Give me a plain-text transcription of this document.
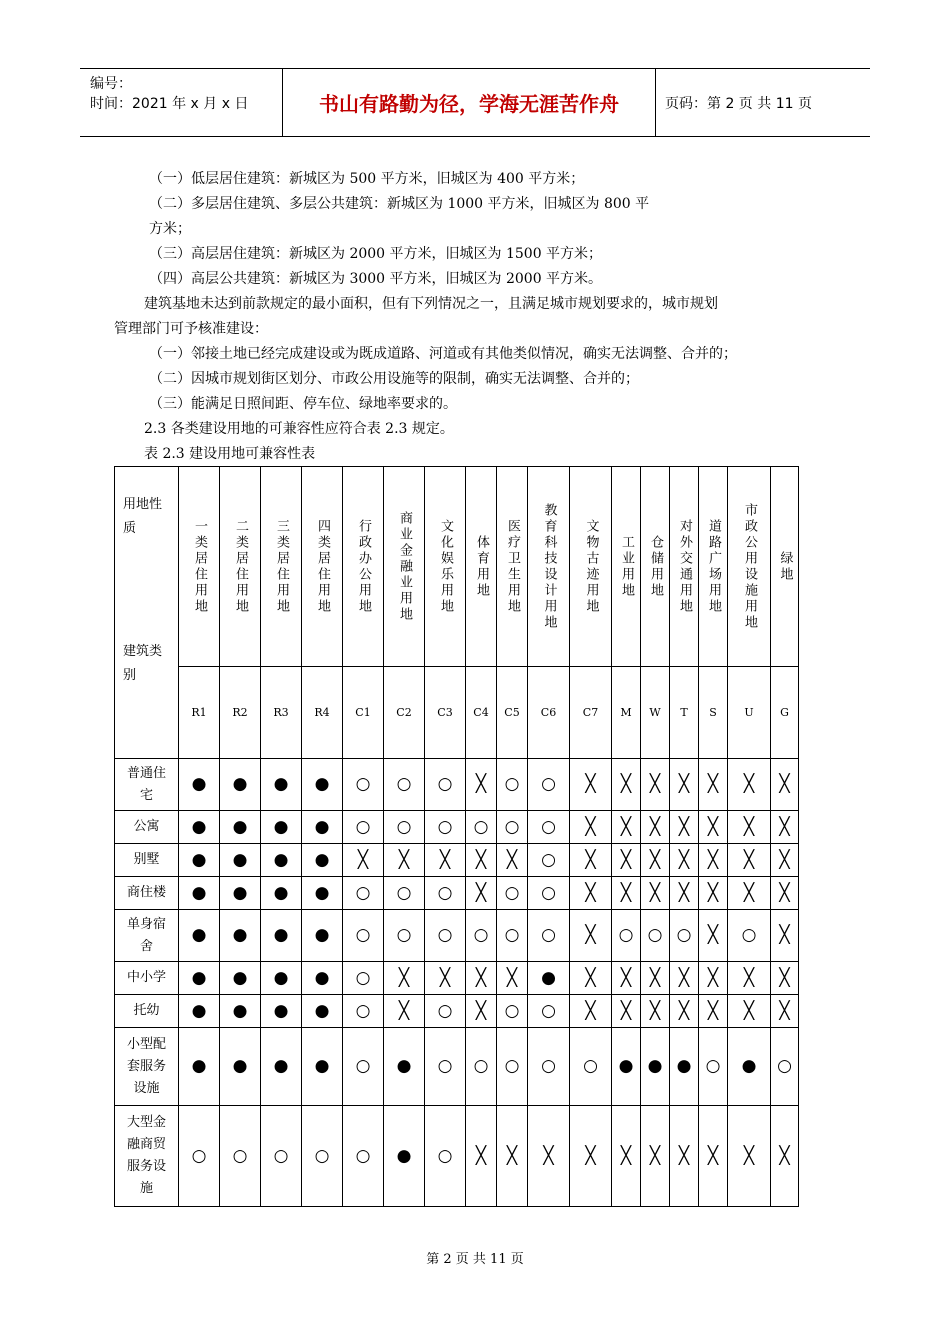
编号：
时间：2021 年 x 月 x 日	书山有路勤为径，学海无涯苦作舟	页码：第 2 页 共 11 页

（一）低层居住建筑：新城区为 500 平方米，旧城区为 400 平方米；

（二）多层居住建筑、多层公共建筑：新城区为 1000 平方米，旧城区为 800 平

方米；

（三）高层居住建筑：新城区为 2000 平方米，旧城区为 1500 平方米；

（四）高层公共建筑：新城区为 3000 平方米，旧城区为 2000 平方米。

建筑基地未达到前款规定的最小面积，但有下列情况之一，且满足城市规划要求的，城市规划

管理部门可予核准建设：

（一）邻接土地已经完成建设或为既成道路、河道或有其他类似情况，确实无法调整、合并的；

（二）因城市规划街区划分、市政公用设施等的限制，确实无法调整、合并的；

（三）能满足日照间距、停车位、绿地率要求的。

2.3 各类建设用地的可兼容性应符合表 2.3 规定。

表 2.3 建设用地可兼容性表

用地性质
建筑类别	一类居住用地	二类居住用地	三类居住用地	四类居住用地	行政办公用地	商业金融业用地	文化娱乐用地	体育用地	医疗卫生用地	教育科技设计用地	文物古迹用地	工业用地	仓储用地	对外交通用地	道路广场用地	市政公用设施用地	绿地

	R1	R2	R3	R4	C1	C2	C3	C4	C5	C6	C7	M	W	T	S	U	G

普通住宅	●	●	●	●	○	○	○	╳	○	○	╳	╳	╳	╳	╳	╳	╳

公寓	●	●	●	●	○	○	○	○	○	○	╳	╳	╳	╳	╳	╳	╳

别墅	●	●	●	●	╳	╳	╳	╳	╳	○	╳	╳	╳	╳	╳	╳	╳

商住楼	●	●	●	●	○	○	○	╳	○	○	╳	╳	╳	╳	╳	╳	╳

单身宿舍	●	●	●	●	○	○	○	○	○	○	╳	○	○	○	╳	○	╳

中小学	●	●	●	●	○	╳	╳	╳	╳	●	╳	╳	╳	╳	╳	╳	╳

托幼	●	●	●	●	○	╳	○	╳	○	○	╳	╳	╳	╳	╳	╳	╳

小型配套服务设施	●	●	●	●	○	●	○	○	○	○	○	●	●	●	○	●	○

大型金融商贸服务设施	○	○	○	○	○	●	○	╳	╳	╳	╳	╳	╳	╳	╳	╳	╳
第 2 页 共 11 页
